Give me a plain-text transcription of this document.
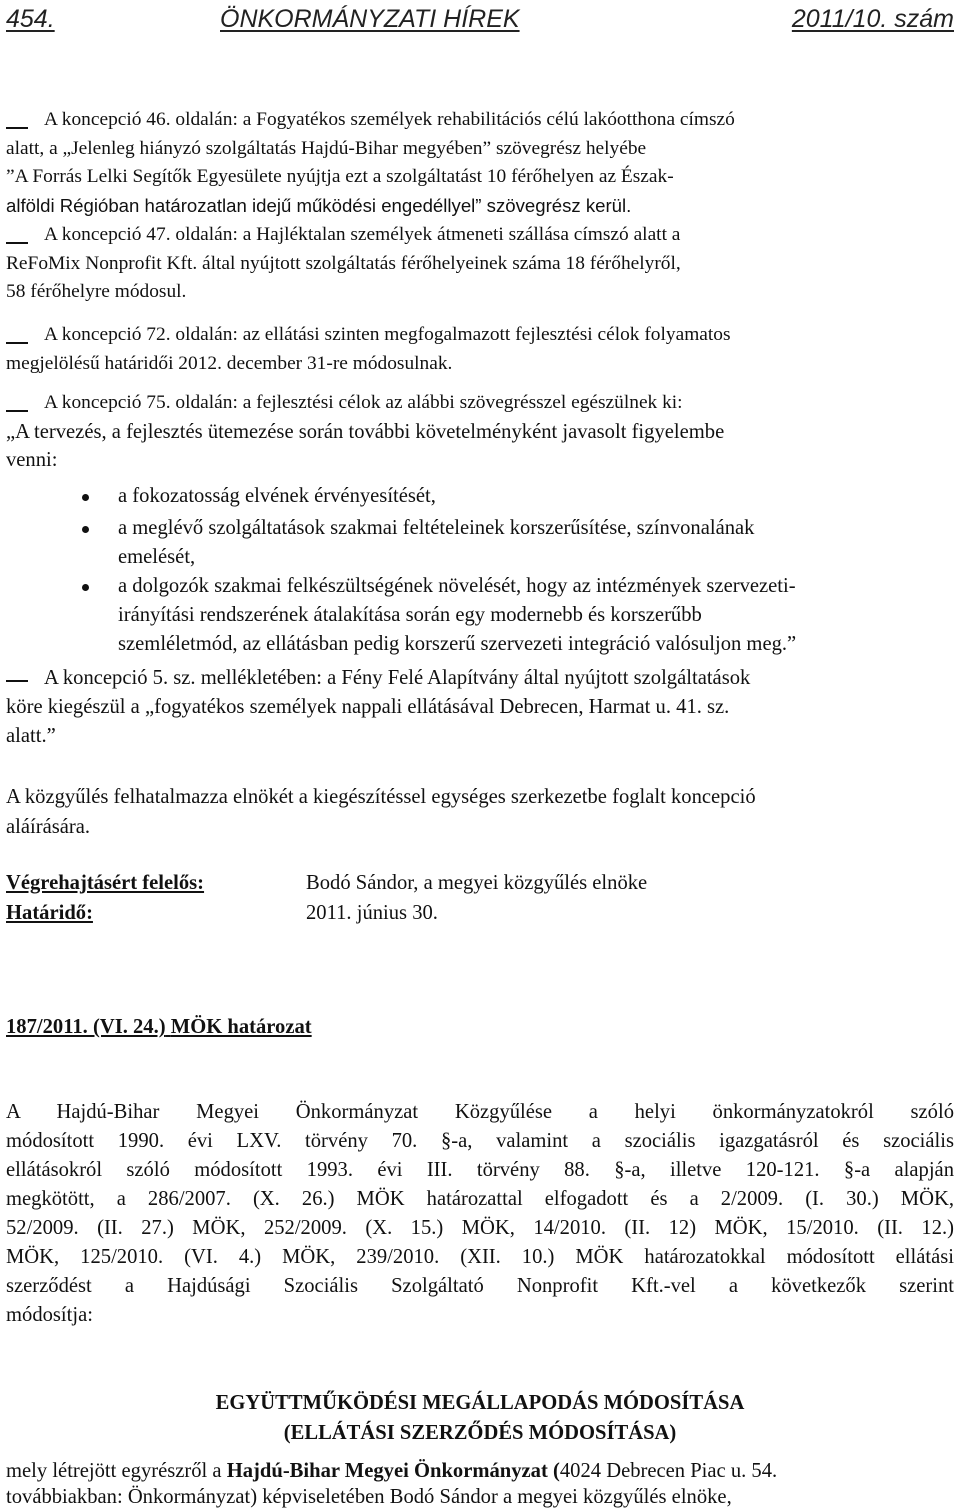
454.	ÖNKORMÁNYZATI HÍREK	2011/10. szám
A koncepció 46. oldalán: a Fogyatékos személyek rehabilitációs célú lakóotthona címszó
alatt, a „Jelenleg hiányzó szolgáltatás Hajdú-Bihar megyében” szövegrész helyébe
”A Forrás Lelki Segítők Egyesülete nyújtja ezt a szolgáltatást 10 férőhelyen az Észak-
alföldi Régióban határozatlan idejű működési engedéllyel” szövegrész kerül.
A koncepció 47. oldalán: a Hajléktalan személyek átmeneti szállása címszó alatt a
ReFoMix Nonprofit Kft. által nyújtott szolgáltatás férőhelyeinek száma 18 férőhelyről,
58 férőhelyre módosul.
A koncepció 72. oldalán: az ellátási szinten megfogalmazott fejlesztési célok folyamatos
megjelölésű határidői 2012. december 31-re módosulnak.
A koncepció 75. oldalán: a fejlesztési célok az alábbi szövegrésszel egészülnek ki:
„A tervezés, a fejlesztés ütemezése során további követelményként javasolt figyelembe
venni:
a fokozatosság elvének érvényesítését,
a meglévő szolgáltatások szakmai feltételeinek korszerűsítése, színvonalának
emelését,
a dolgozók szakmai felkészültségének növelését, hogy az intézmények szervezeti-
irányítási rendszerének átalakítása során egy modernebb és korszerűbb
szemléletmód, az ellátásban pedig korszerű szervezeti integráció valósuljon meg.”
A koncepció 5. sz. mellékletében: a Fény Felé Alapítvány által nyújtott szolgáltatások
köre kiegészül a „fogyatékos személyek nappali ellátásával Debrecen, Harmat u. 41. sz.
alatt.”
A közgyűlés felhatalmazza elnökét a kiegészítéssel egységes szerkezetbe foglalt koncepció
aláírására.
Végrehajtásért felelős:	Bodó Sándor, a megyei közgyűlés elnöke
Határidő:	2011. június 30.
187/2011. (VI. 24.) MÖK határozat
A Hajdú-Bihar Megyei Önkormányzat Közgyűlése a helyi önkormányzatokról szóló
módosított 1990. évi LXV. törvény 70. §-a, valamint a szociális igazgatásról és szociális
ellátásokról szóló módosított 1993. évi III. törvény 88. §-a, illetve 120-121. §-a alapján
megkötött, a 286/2007. (X. 26.) MÖK határozattal elfogadott és a 2/2009. (I. 30.) MÖK,
52/2009. (II. 27.) MÖK, 252/2009. (X. 15.) MÖK, 14/2010. (II. 12) MÖK, 15/2010. (II. 12.)
MÖK, 125/2010. (VI. 4.) MÖK, 239/2010. (XII. 10.) MÖK határozatokkal módosított ellátási
szerződést a Hajdúsági Szociális Szolgáltató Nonprofit Kft.-vel a következők szerint
módosítja:
EGYÜTTMŰKÖDÉSI MEGÁLLAPODÁS MÓDOSÍTÁSA
(ELLÁTÁSI SZERZŐDÉS MÓDOSÍTÁSA)
mely létrejött egyrészről a Hajdú-Bihar Megyei Önkormányzat (4024 Debrecen Piac u. 54.
továbbiakban: Önkormányzat) képviseletében Bodó Sándor a megyei közgyűlés elnöke,
